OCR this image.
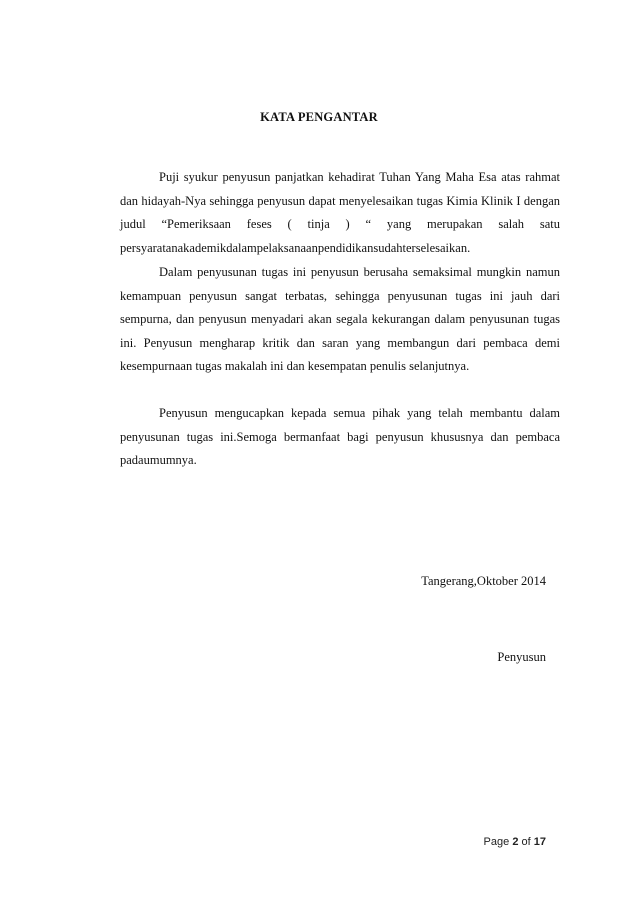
KATA PENGANTAR

Puji syukur penyusun panjatkan kehadirat Tuhan Yang Maha Esa atas rahmat dan hidayah-Nya sehingga penyusun dapat menyelesaikan tugas Kimia Klinik I dengan judul “Pemeriksaan feses ( tinja ) “ yang merupakan salah satu persyaratanakademikdalampelaksanaanpendidikansudahterselesaikan.

Dalam penyusunan tugas ini penyusun berusaha semaksimal mungkin namun kemampuan penyusun sangat terbatas, sehingga penyusunan tugas ini jauh dari sempurna, dan penyusun menyadari akan segala kekurangan dalam penyusunan tugas ini. Penyusun mengharap kritik dan saran yang membangun dari pembaca demi kesempurnaan tugas makalah ini dan kesempatan penulis selanjutnya.

Penyusun mengucapkan kepada semua pihak yang telah membantu dalam penyusunan tugas ini.Semoga bermanfaat bagi penyusun khususnya dan pembaca padaumumnya.

Tangerang,Oktober 2014
Penyusun
Page 2 of 17
